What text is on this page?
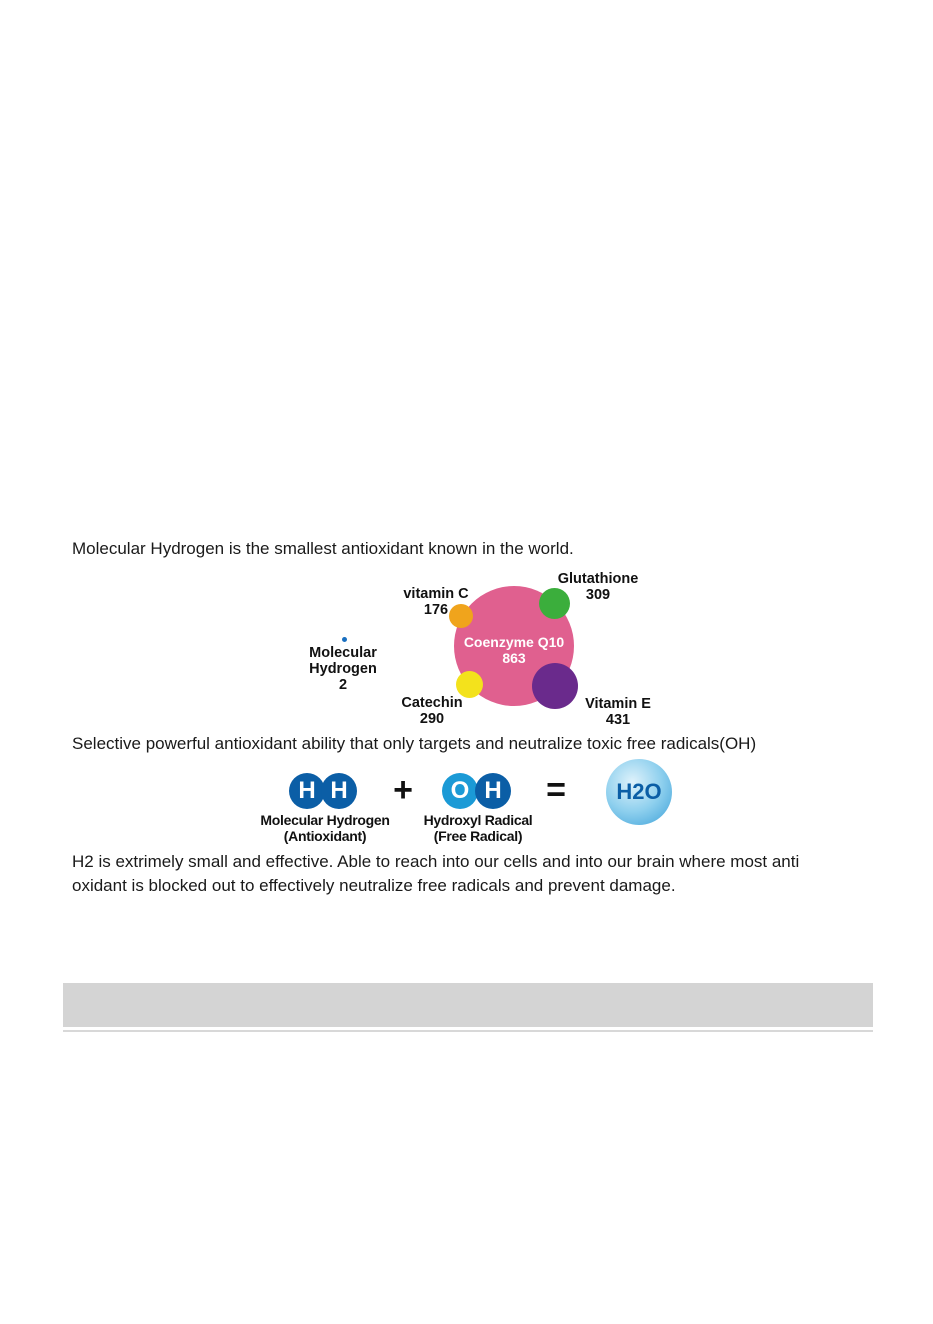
Molecular Hydrogen is the smallest antioxidant known in the world.
Molecular
Hydrogen
2
Coenzyme Q10
863
vitamin C
176
Glutathione
309
Catechin
290
Vitamin E
431
Selective powerful antioxidant ability that only targets and neutralize toxic free radicals(OH)
H H +	O H =	H2O
Molecular Hydrogen
(Antioxidant)
Hydroxyl Radical
(Free Radical)
H2 is extrimely small and effective. Able to reach into our cells and into our brain where most anti
oxidant is blocked out to effectively neutralize free radicals and prevent damage.
